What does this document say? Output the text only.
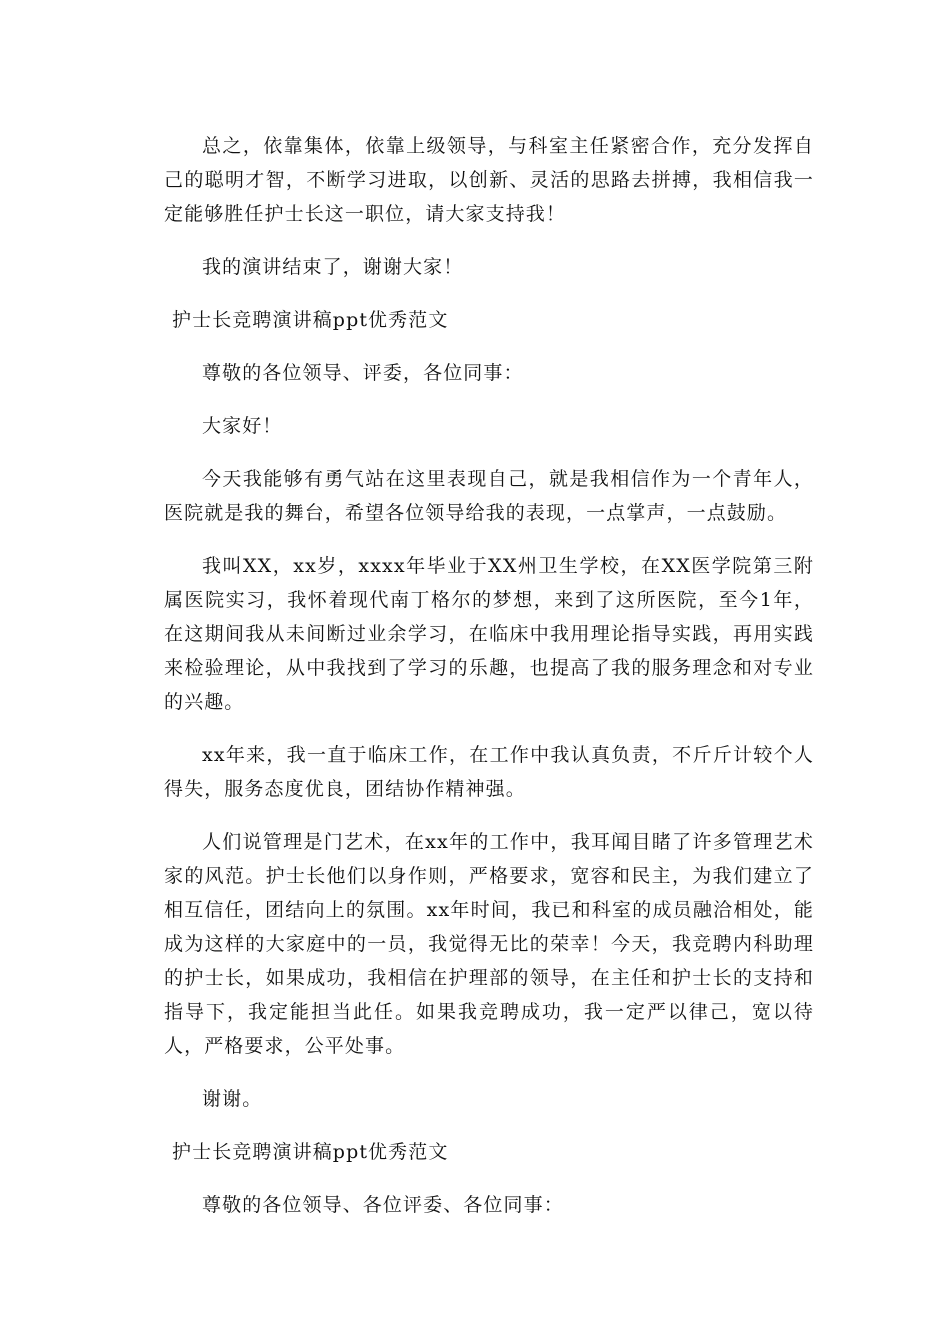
总之，依靠集体，依靠上级领导，与科室主任紧密合作，充分发挥自己的聪明才智，不断学习进取，以创新、灵活的思路去拼搏，我相信我一定能够胜任护士长这一职位，请大家支持我！

我的演讲结束了，谢谢大家！

护士长竞聘演讲稿ppt优秀范文

尊敬的各位领导、评委，各位同事：

大家好！

今天我能够有勇气站在这里表现自己，就是我相信作为一个青年人，医院就是我的舞台，希望各位领导给我的表现，一点掌声，一点鼓励。

我叫XX，xx岁，xxxx年毕业于XX州卫生学校，在XX医学院第三附属医院实习，我怀着现代南丁格尔的梦想，来到了这所医院，至今1年，在这期间我从未间断过业余学习，在临床中我用理论指导实践，再用实践来检验理论，从中我找到了学习的乐趣，也提高了我的服务理念和对专业的兴趣。

xx年来，我一直于临床工作，在工作中我认真负责，不斤斤计较个人得失，服务态度优良，团结协作精神强。

人们说管理是门艺术，在xx年的工作中，我耳闻目睹了许多管理艺术家的风范。护士长他们以身作则，严格要求，宽容和民主，为我们建立了相互信任，团结向上的氛围。xx年时间，我已和科室的成员融洽相处，能成为这样的大家庭中的一员，我觉得无比的荣幸！今天，我竞聘内科助理的护士长，如果成功，我相信在护理部的领导，在主任和护士长的支持和指导下，我定能担当此任。如果我竞聘成功，我一定严以律己，宽以待人，严格要求，公平处事。

谢谢。

护士长竞聘演讲稿ppt优秀范文

尊敬的各位领导、各位评委、各位同事：
